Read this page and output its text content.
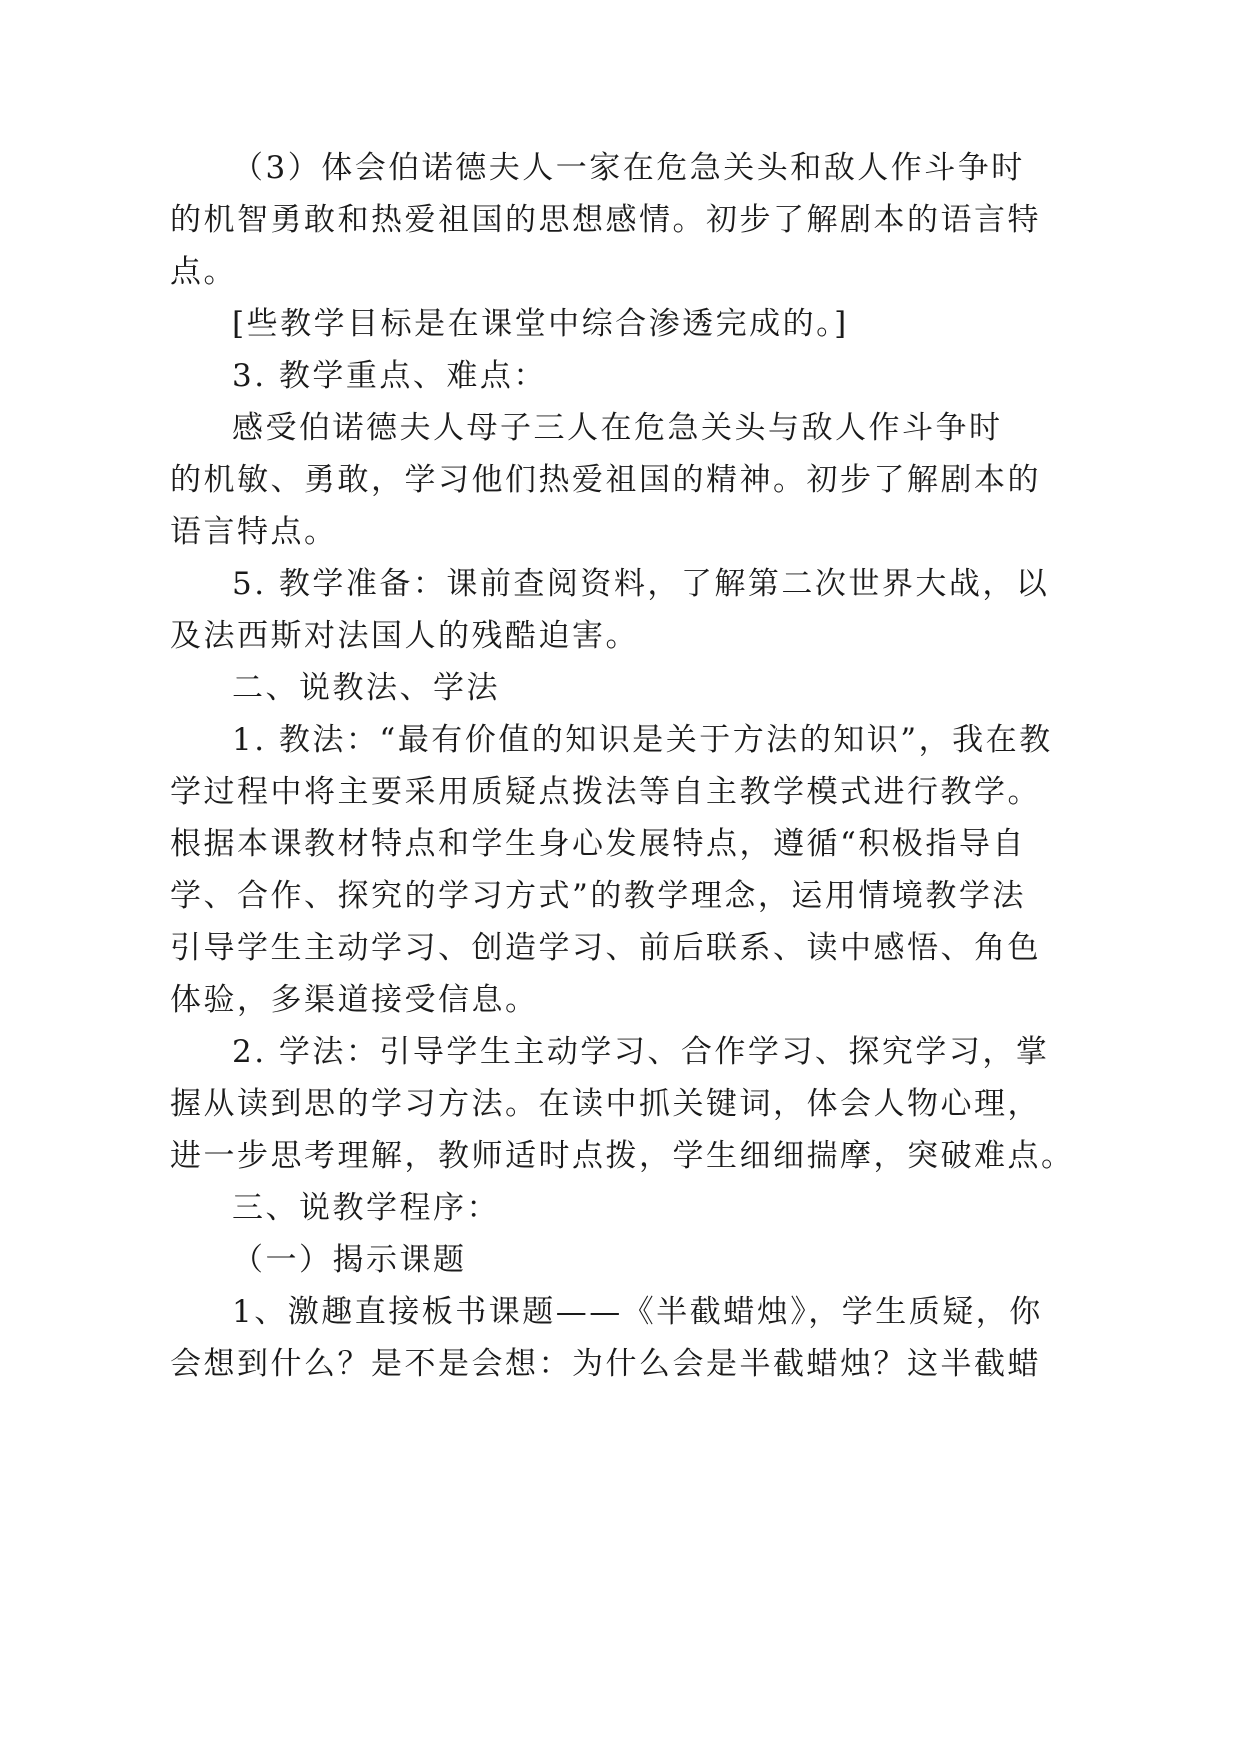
（3）体会伯诺德夫人一家在危急关头和敌人作斗争时
的机智勇敢和热爱祖国的思想感情。初步了解剧本的语言特
点。
[些教学目标是在课堂中综合渗透完成的。]
3. 教学重点、难点：
感受伯诺德夫人母子三人在危急关头与敌人作斗争时
的机敏、勇敢，学习他们热爱祖国的精神。初步了解剧本的
语言特点。
5. 教学准备：课前查阅资料，了解第二次世界大战，以
及法西斯对法国人的残酷迫害。
二、说教法、学法
1. 教法：“最有价值的知识是关于方法的知识”，我在教
学过程中将主要采用质疑点拨法等自主教学模式进行教学。
根据本课教材特点和学生身心发展特点，遵循“积极指导自
学、合作、探究的学习方式”的教学理念，运用情境教学法
引导学生主动学习、创造学习、前后联系、读中感悟、角色
体验，多渠道接受信息。
2. 学法：引导学生主动学习、合作学习、探究学习，掌
握从读到思的学习方法。在读中抓关键词，体会人物心理，
进一步思考理解，教师适时点拨，学生细细揣摩，突破难点。
三、说教学程序：
（一）揭示课题
1、激趣直接板书课题——《半截蜡烛》，学生质疑，你
会想到什么？是不是会想：为什么会是半截蜡烛？这半截蜡
